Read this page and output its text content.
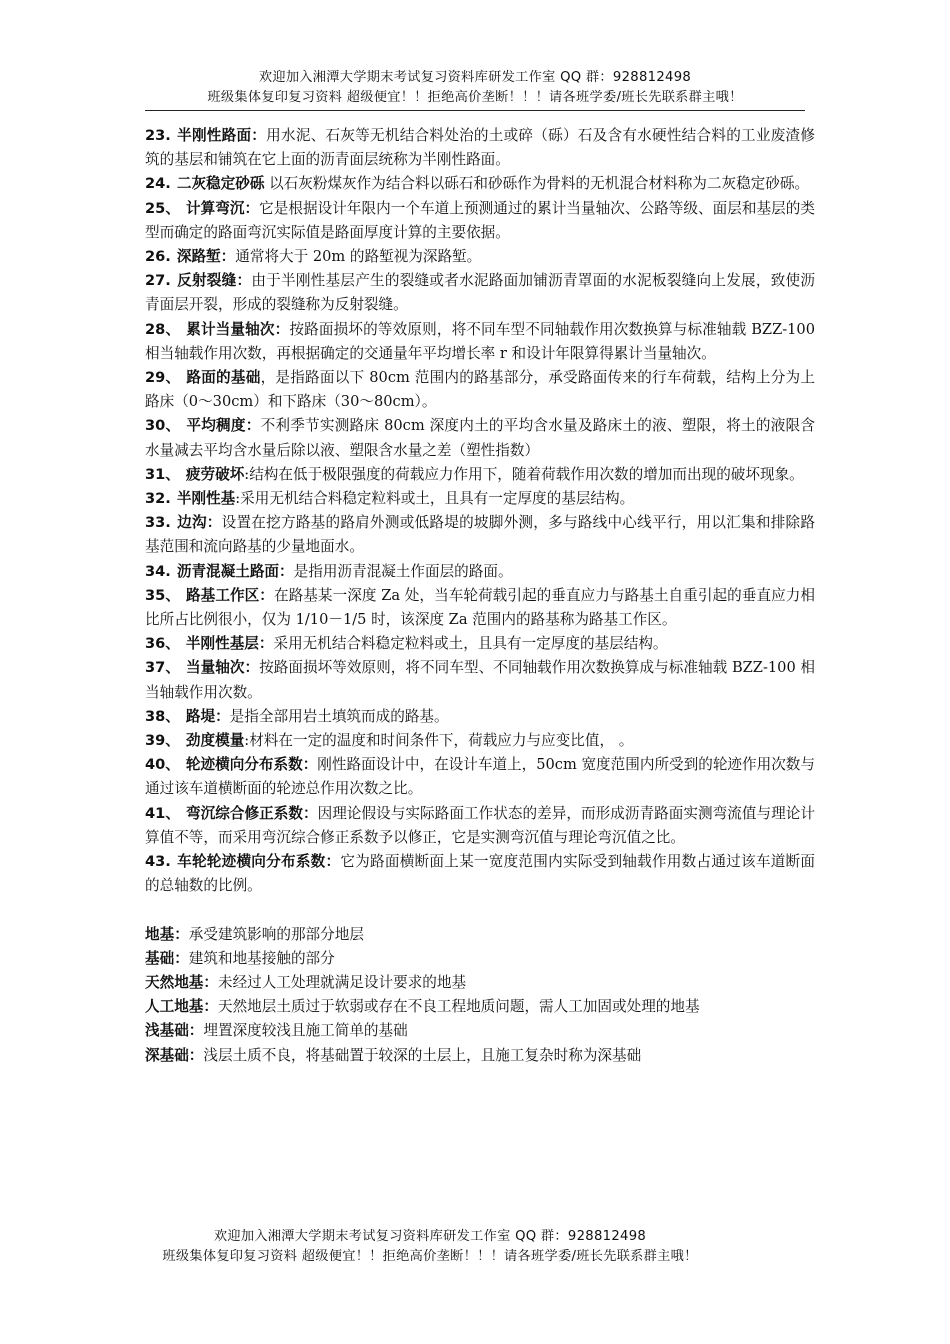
欢迎加入湘潭大学期末考试复习资料库研发工作室 QQ 群：928812498
班级集体复印复习资料 超级便宜！！拒绝高价垄断！！！请各班学委/班长先联系群主哦！

23. 半刚性路面：用水泥、石灰等无机结合料处治的土或碎（砾）石及含有水硬性结合料的工业废渣修筑的基层和铺筑在它上面的沥青面层统称为半刚性路面。

24. 二灰稳定砂砾 以石灰粉煤灰作为结合料以砾石和砂砾作为骨料的无机混合材料称为二灰稳定砂砾。

25、 计算弯沉：它是根据设计年限内一个车道上预测通过的累计当量轴次、公路等级、面层和基层的类型而确定的路面弯沉实际值是路面厚度计算的主要依据。

26. 深路堑：通常将大于 20m 的路堑视为深路堑。

27. 反射裂缝：由于半刚性基层产生的裂缝或者水泥路面加铺沥青罩面的水泥板裂缝向上发展，致使沥青面层开裂，形成的裂缝称为反射裂缝。

28、 累计当量轴次：按路面损坏的等效原则，将不同车型不同轴载作用次数换算与标准轴载 BZZ-100 相当轴载作用次数，再根据确定的交通量年平均增长率 r 和设计年限算得累计当量轴次。

29、 路面的基础，是指路面以下 80cm 范围内的路基部分，承受路面传来的行车荷载，结构上分为上路床（0～30cm）和下路床（30～80cm）。

30、 平均稠度：不利季节实测路床 80cm 深度内土的平均含水量及路床土的液、塑限，将土的液限含水量减去平均含水量后除以液、塑限含水量之差（塑性指数）

31、 疲劳破坏:结构在低于极限强度的荷载应力作用下，随着荷载作用次数的增加而出现的破坏现象。

32. 半刚性基:采用无机结合料稳定粒料或土，且具有一定厚度的基层结构。

33. 边沟：设置在挖方路基的路肩外测或低路堤的坡脚外测，多与路线中心线平行，用以汇集和排除路基范围和流向路基的少量地面水。

34. 沥青混凝土路面：是指用沥青混凝土作面层的路面。

35、 路基工作区：在路基某一深度 Za 处，当车轮荷载引起的垂直应力与路基土自重引起的垂直应力相比所占比例很小，仅为 1/10－1/5 时，该深度 Za 范围内的路基称为路基工作区。

36、 半刚性基层：采用无机结合料稳定粒料或土，且具有一定厚度的基层结构。

37、 当量轴次：按路面损坏等效原则，将不同车型、不同轴载作用次数换算成与标准轴载 BZZ-100 相当轴载作用次数。

38、 路堤：是指全部用岩土填筑而成的路基。

39、 劲度模量:材料在一定的温度和时间条件下，荷载应力与应变比值， 。

40、 轮迹横向分布系数：刚性路面设计中，在设计车道上，50cm 宽度范围内所受到的轮迹作用次数与通过该车道横断面的轮迹总作用次数之比。

41、 弯沉综合修正系数：因理论假设与实际路面工作状态的差异，而形成沥青路面实测弯流值与理论计算值不等，而采用弯沉综合修正系数予以修正，它是实测弯沉值与理论弯沉值之比。

43. 车轮轮迹横向分布系数：它为路面横断面上某一宽度范围内实际受到轴载作用数占通过该车道断面的总轴数的比例。

地基：承受建筑影响的那部分地层

基础：建筑和地基接触的部分

天然地基：未经过人工处理就满足设计要求的地基

人工地基：天然地层土质过于软弱或存在不良工程地质问题，需人工加固或处理的地基

浅基础：埋置深度较浅且施工简单的基础

深基础：浅层土质不良，将基础置于较深的土层上，且施工复杂时称为深基础

欢迎加入湘潭大学期末考试复习资料库研发工作室 QQ 群：928812498
班级集体复印复习资料 超级便宜！！拒绝高价垄断！！！请各班学委/班长先联系群主哦！
